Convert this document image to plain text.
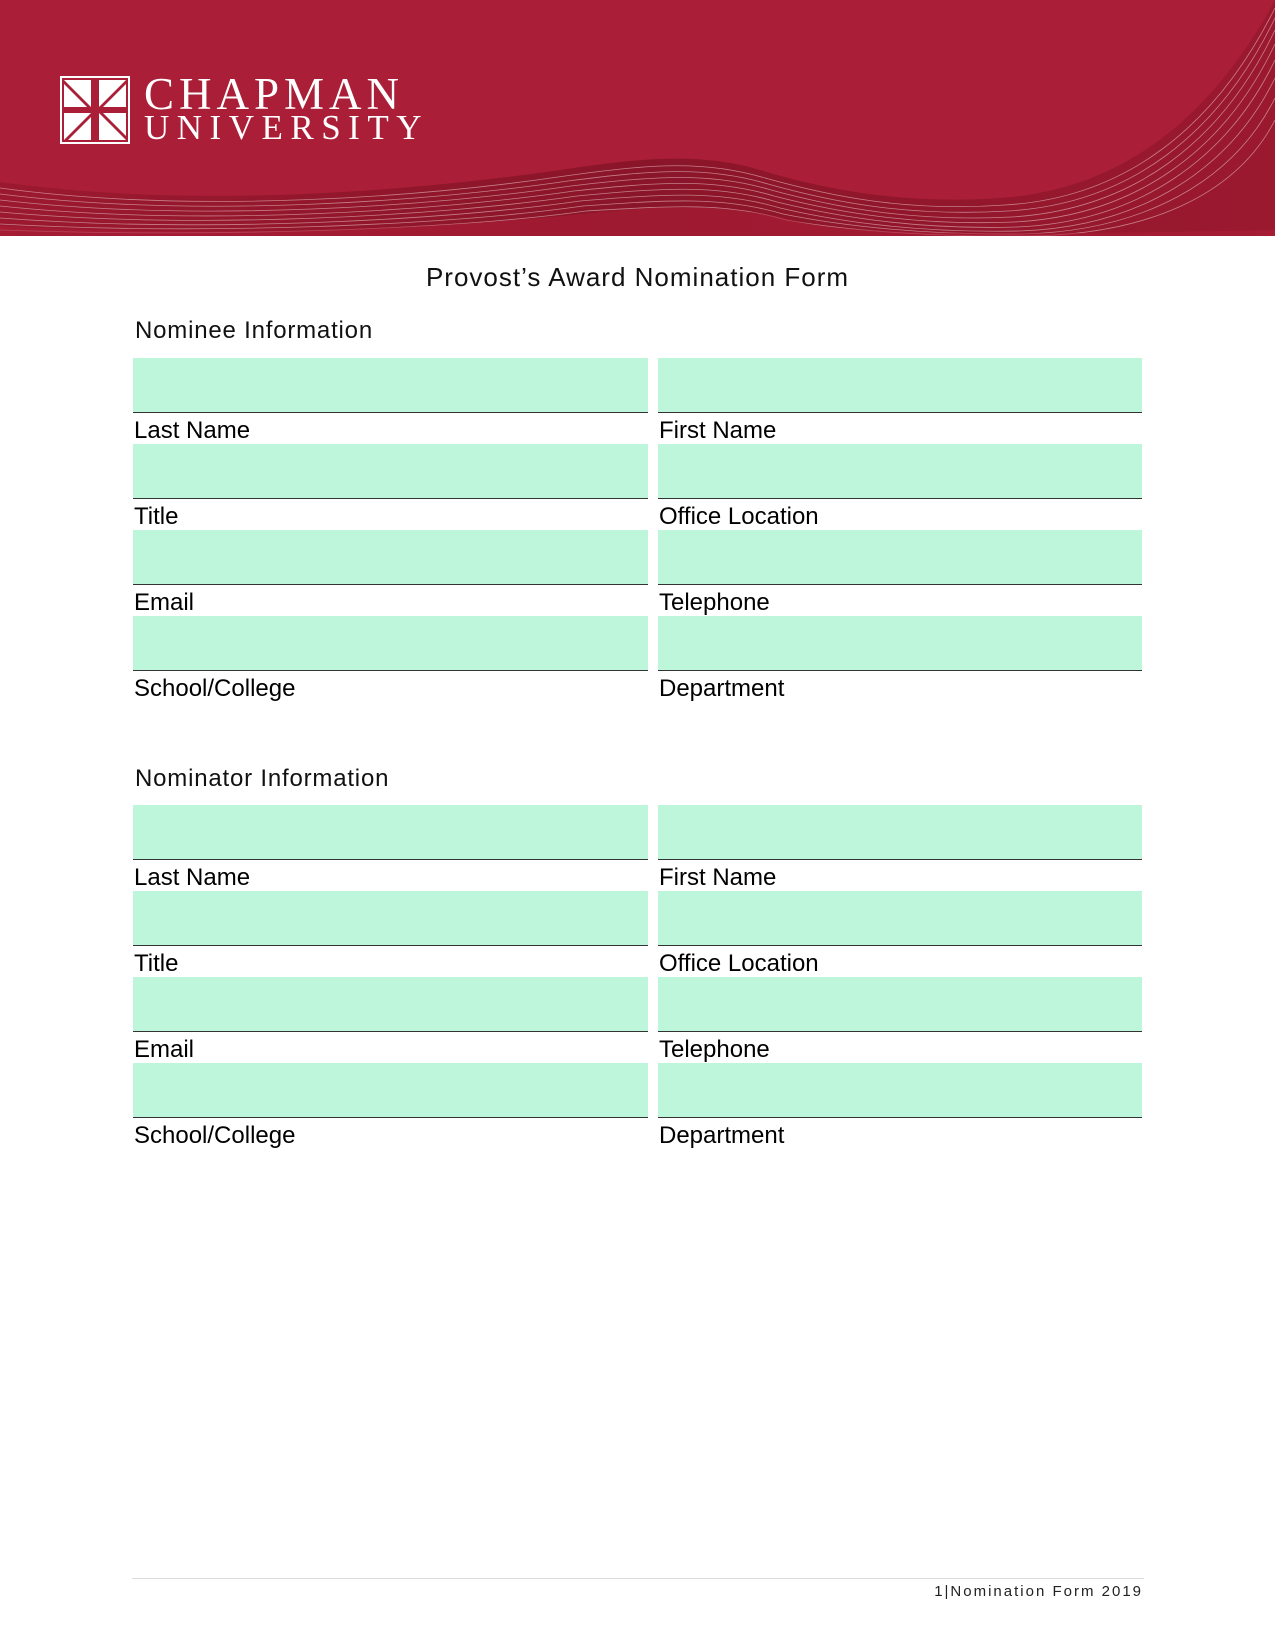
CHAPMAN
UNIVERSITY
Provost’s Award Nomination Form
Nominee Information
Last Name	First Name
Title	Office Location
Email	Telephone
School/College	Department
Nominator Information
Last Name	First Name
Title	Office Location
Email	Telephone
School/College	Department
1|Nomination Form 2019
